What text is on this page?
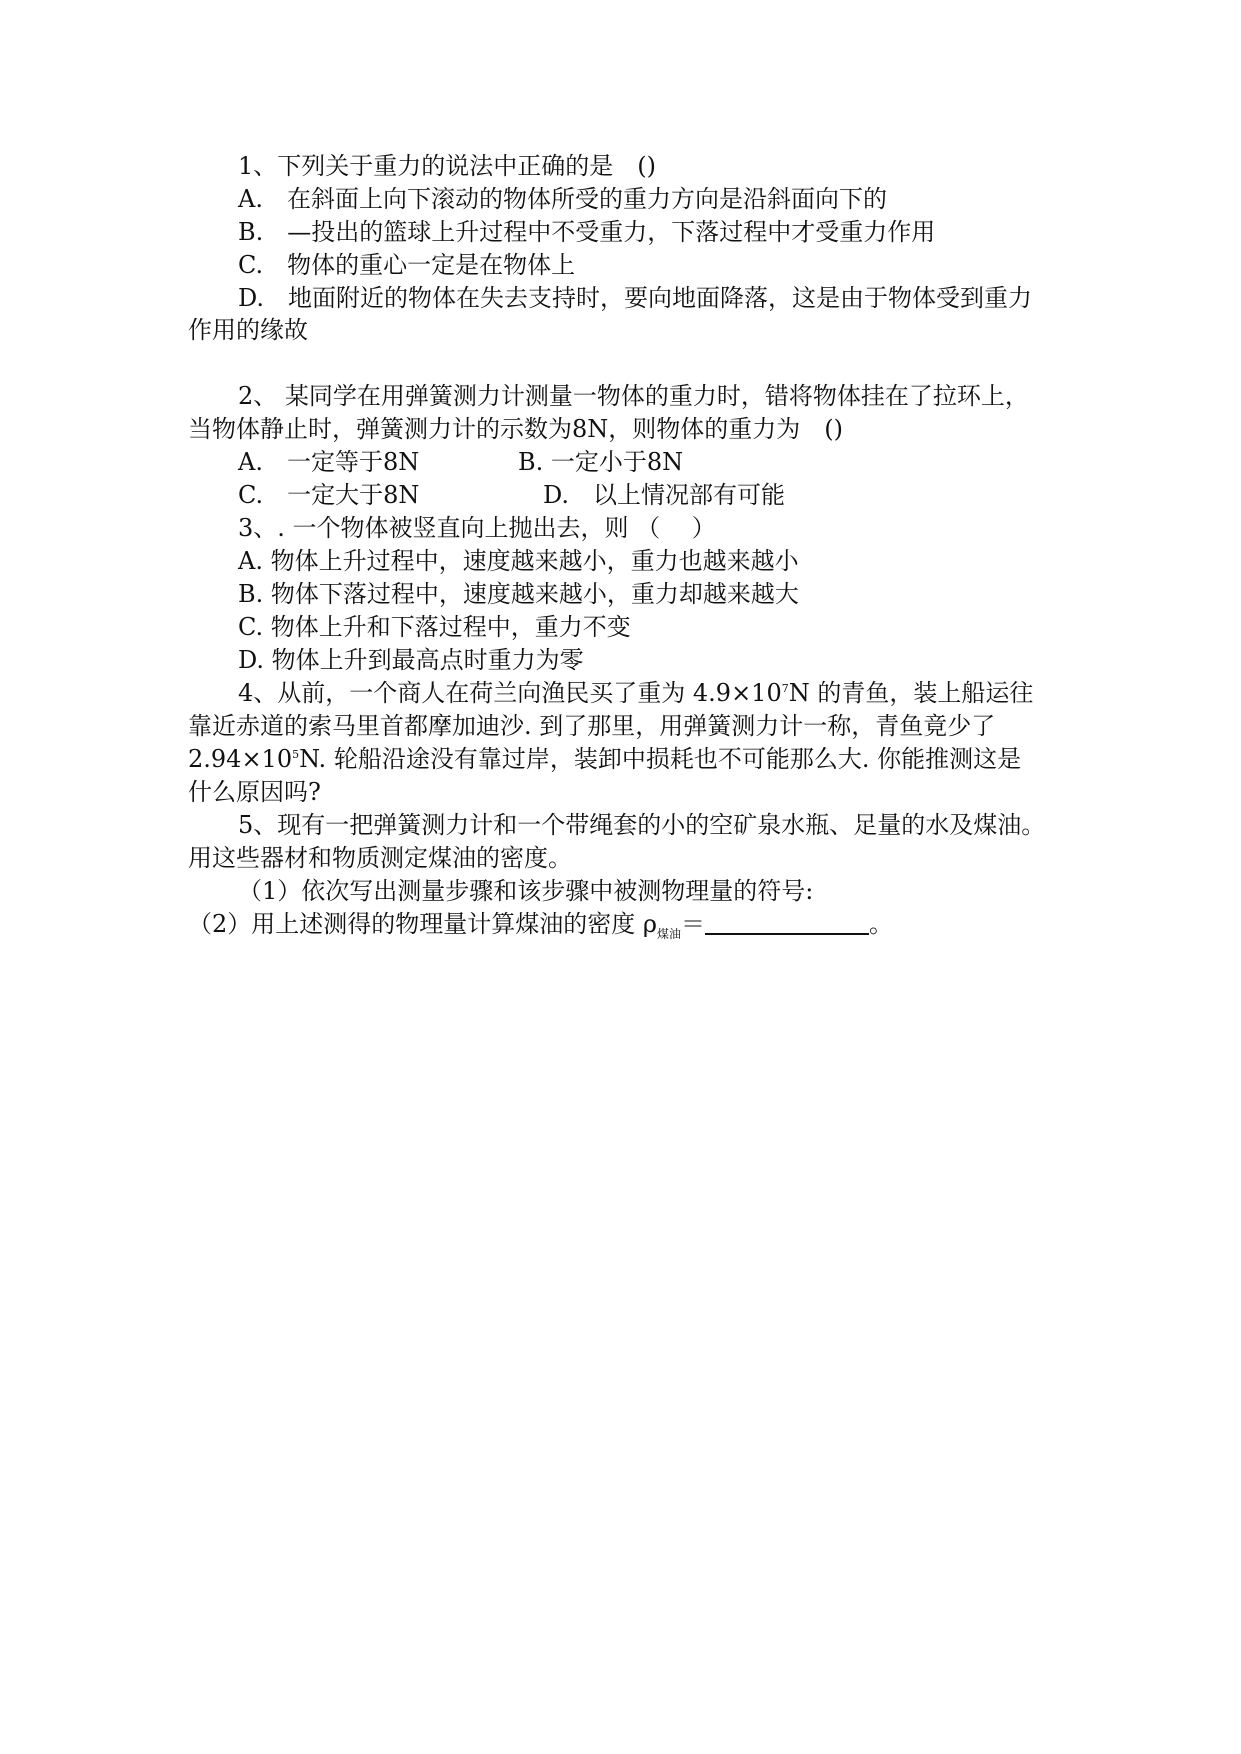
1、下列关于重力的说法中正确的是　()
A.　在斜面上向下滚动的物体所受的重力方向是沿斜面向下的
B.　—投出的篮球上升过程中不受重力，下落过程中才受重力作用
C.　物体的重心一定是在物体上
D.　地面附近的物体在失去支持时，要向地面降落，这是由于物体受到重力
作用的缘故
2、 某同学在用弹簧测力计测量一物体的重力时，错将物体挂在了拉环上，
当物体静止时，弹簧测力计的示数为8N，则物体的重力为　()
A.　一定等于8N	B. 一定小于8N
C.　一定大于8N	D.　以上情况部有可能
3、. 一个物体被竖直向上抛出去，则 （　 ）
A. 物体上升过程中，速度越来越小，重力也越来越小
B. 物体下落过程中，速度越来越小，重力却越来越大
C. 物体上升和下落过程中，重力不变
D. 物体上升到最高点时重力为零
4、从前，一个商人在荷兰向渔民买了重为 $4.9\times 10^7N$ 的青鱼，装上船运往
靠近赤道的索马里首都摩加迪沙. 到了那里，用弹簧测力计一称，青鱼竟少了
$2.94\times 10^5N$. 轮船沿途没有靠过岸，装卸中损耗也不可能那么大. 你能推测这是
什么原因吗?
5、现有一把弹簧测力计和一个带绳套的小的空矿泉水瓶、足量的水及煤油。
用这些器材和物质测定煤油的密度。
（1）依次写出测量步骤和该步骤中被测物理量的符号:
（2）用上述测得的物理量计算煤油的密度 $\rho_{煤油}=$	。
